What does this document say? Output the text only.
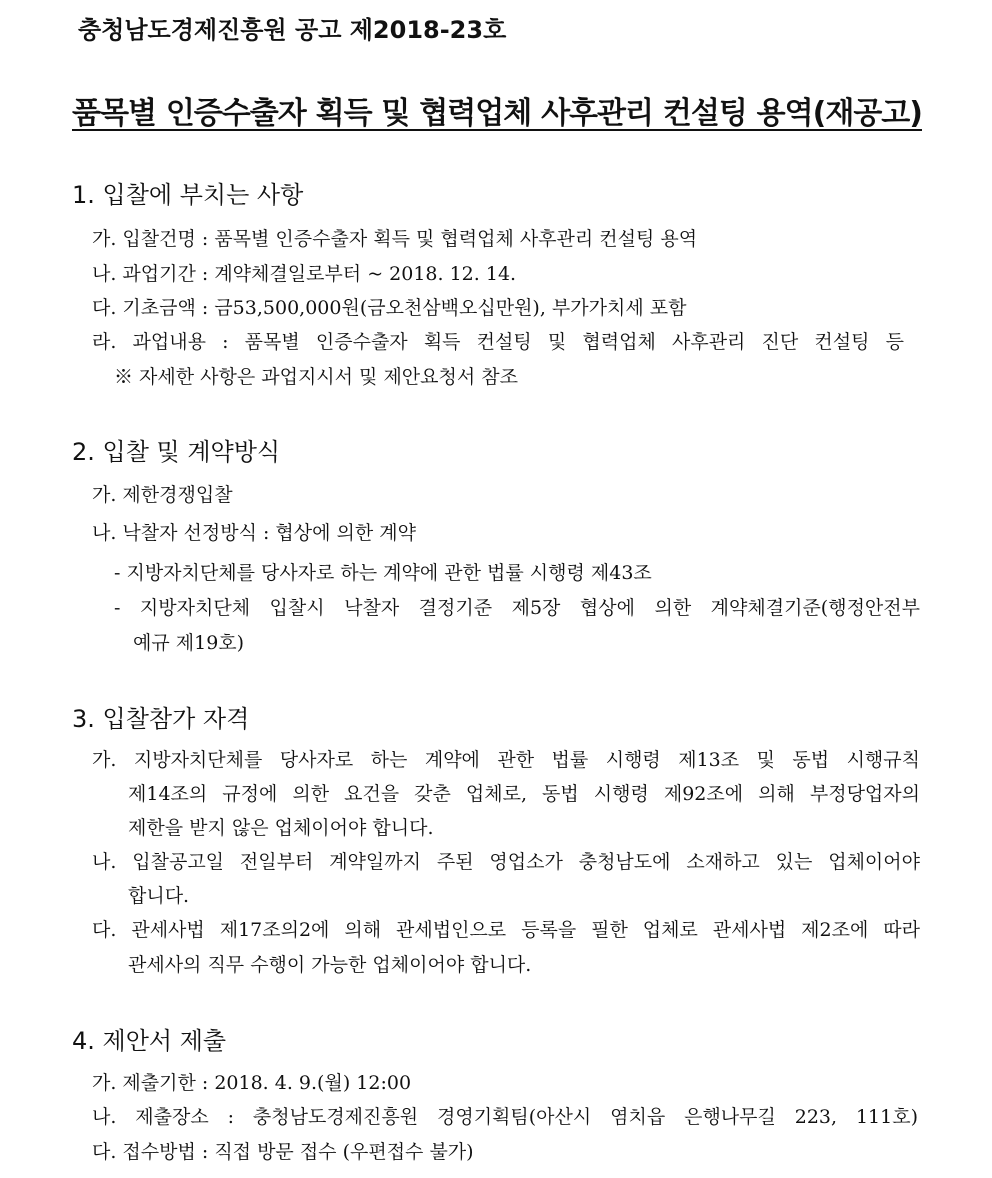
충청남도경제진흥원 공고 제2018-23호
품목별 인증수출자 획득 및 협력업체 사후관리 컨설팅 용역(재공고)
1. 입찰에 부치는 사항
가. 입찰건명 : 품목별 인증수출자 획득 및 협력업체 사후관리 컨설팅 용역
나. 과업기간 : 계약체결일로부터 ~ 2018. 12. 14.
다. 기초금액 : 금53,500,000원(금오천삼백오십만원), 부가가치세 포함
라. 과업내용 : 품목별 인증수출자 획득 컨설팅 및 협력업체 사후관리 진단 컨설팅 등
※ 자세한 사항은 과업지시서 및 제안요청서 참조
2. 입찰 및 계약방식
가. 제한경쟁입찰
나. 낙찰자 선정방식 : 협상에 의한 계약
- 지방자치단체를 당사자로 하는 계약에 관한 법률 시행령 제43조
- 지방자치단체 입찰시 낙찰자 결정기준 제5장 협상에 의한 계약체결기준(행정안전부
예규 제19호)
3. 입찰참가 자격
가. 지방자치단체를 당사자로 하는 계약에 관한 법률 시행령 제13조 및 동법 시행규칙
제14조의 규정에 의한 요건을 갖춘 업체로, 동법 시행령 제92조에 의해 부정당업자의
제한을 받지 않은 업체이어야 합니다.
나. 입찰공고일 전일부터 계약일까지 주된 영업소가 충청남도에 소재하고 있는 업체이어야
합니다.
다. 관세사법 제17조의2에 의해 관세법인으로 등록을 필한 업체로 관세사법 제2조에 따라
관세사의 직무 수행이 가능한 업체이어야 합니다.
4. 제안서 제출
가. 제출기한 : 2018. 4. 9.(월) 12:00
나. 제출장소 : 충청남도경제진흥원 경영기획팀(아산시 염치읍 은행나무길 223, 111호)
다. 접수방법 : 직접 방문 접수 (우편접수 불가)
